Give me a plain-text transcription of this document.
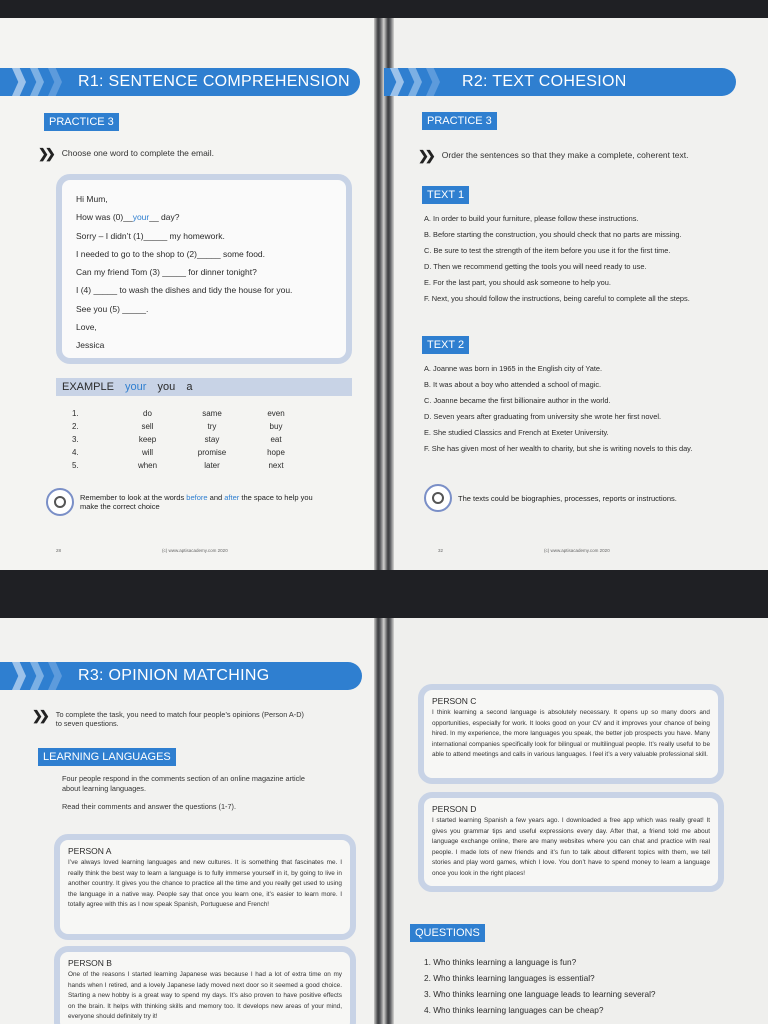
R1: SENTENCE COMPREHENSION
PRACTICE 3
❯❯ Choose one word to complete the email.
Hi Mum,
How was (0)__your__ day?
Sorry – I didn’t (1)_____ my homework.
I needed to go to the shop to (2)_____ some food.
Can my friend Tom (3) _____ for dinner tonight?
I (4) _____ to wash the dishes and tidy the house for you.
See you (5) _____.
Love,
Jessica
EXAMPLE your you a
1.	do	same	even
2.	sell	try	buy
3.	keep	stay	eat
4.	will	promise	hope
5.	when	later	next
Remember to look at the words before and after the space to help you
make the correct choice
28	(c) www.aptisacademy.com 2020
R2: TEXT COHESION
PRACTICE 3
❯❯ Order the sentences so that they make a complete, coherent text.
TEXT 1
A. In order to build your furniture, please follow these instructions.
B. Before starting the construction, you should check that no parts are missing.
C. Be sure to test the strength of the item before you use it for the first time.
D. Then we recommend getting the tools you will need ready to use.
E. For the last part, you should ask someone to help you.
F. Next, you should follow the instructions, being careful to complete all the steps.
TEXT 2
A. Joanne was born in 1965 in the English city of Yate.
B. It was about a boy who attended a school of magic.
C. Joanne became the first billionaire author in the world.
D. Seven years after graduating from university she wrote her first novel.
E. She studied Classics and French at Exeter University.
F. She has given most of her wealth to charity, but she is writing novels to this day.
The texts could be biographies, processes, reports or instructions.
32	(c) www.aptisacademy.com 2020
R3: OPINION MATCHING
❯❯ To complete the task, you need to match four people’s opinions (Person A-D)
to seven questions.
LEARNING LANGUAGES
Four people respond in the comments section of an online magazine article
about learning languages.
Read their comments and answer the questions (1-7).
PERSON A
I’ve always loved learning languages and new cultures. It is something that fascinates me. I really think the best way to learn a language is to fully immerse yourself in it, by going to live in another country. It gives you the chance to practice all the time and you really get used to using the language in a native way. People say that once you learn one, it’s easier to learn more. I totally agree with this as I now speak Spanish, Portuguese and French!
PERSON B
One of the reasons I started learning Japanese was because I had a lot of extra time on my hands when I retired, and a lovely Japanese lady moved next door so it seemed a good choice. Starting a new hobby is a great way to spend my days. It’s also proven to have positive effects on the brain. It helps with thinking skills and memory too. It develops new areas of your mind, everyone should definitely try it!
PERSON C
I think learning a second language is absolutely necessary. It opens up so many doors and opportunities, especially for work. It looks good on your CV and it improves your chance of being hired. In my experience, the more languages you speak, the better job prospects you have. Many international companies specifically look for bilingual or multilingual people. It’s really useful to be able to attend meetings and calls in various languages. I feel it’s a very valuable professional skill.
PERSON D
I started learning Spanish a few years ago. I downloaded a free app which was really great! It gives you grammar tips and useful expressions every day. After that, a friend told me about language exchange online, there are many websites where you can chat and practice with real people. I made lots of new friends and it’s fun to talk about different topics with them, we tell stories and play word games, which I love. You don’t have to spend money to learn a language once you look in the right places!
QUESTIONS
1. Who thinks learning a language is fun?
2. Who thinks learning languages is essential?
3. Who thinks learning one language leads to learning several?
4. Who thinks learning languages can be cheap?
